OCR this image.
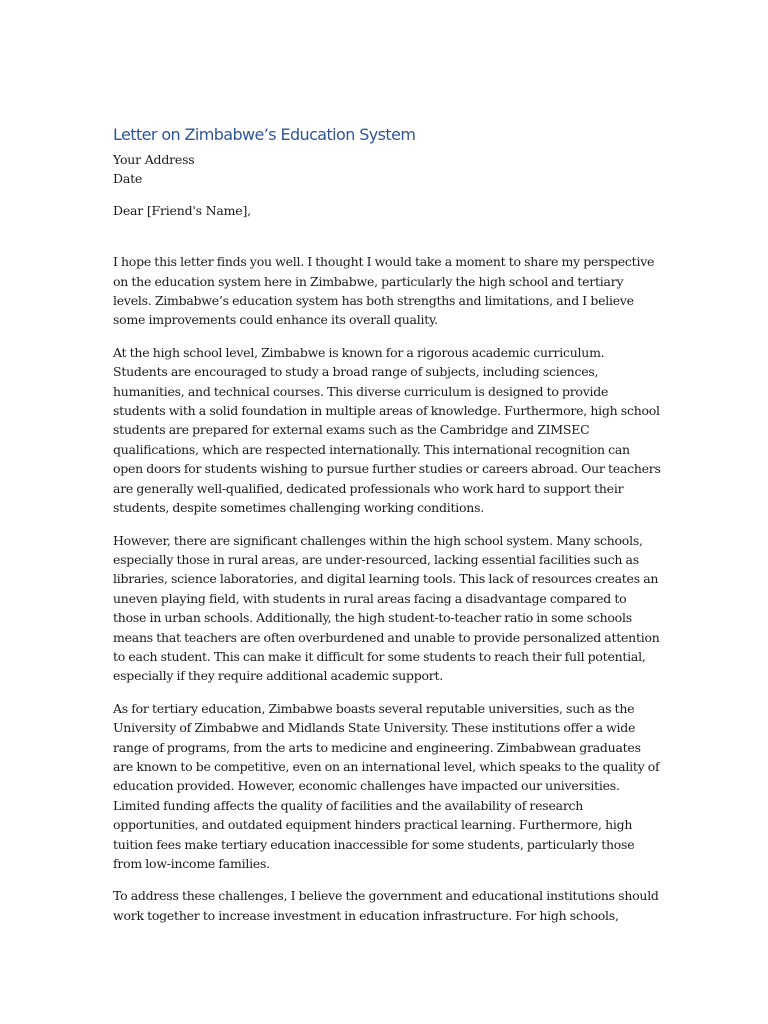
Letter on Zimbabwe’s Education System

Your Address

Date

Dear [Friend's Name],

I hope this letter finds you well. I thought I would take a moment to share my perspective on the education system here in Zimbabwe, particularly the high school and tertiary levels. Zimbabwe’s education system has both strengths and limitations, and I believe some improvements could enhance its overall quality.

At the high school level, Zimbabwe is known for a rigorous academic curriculum. Students are encouraged to study a broad range of subjects, including sciences, humanities, and technical courses. This diverse curriculum is designed to provide students with a solid foundation in multiple areas of knowledge. Furthermore, high school students are prepared for external exams such as the Cambridge and ZIMSEC qualifications, which are respected internationally. This international recognition can open doors for students wishing to pursue further studies or careers abroad. Our teachers are generally well-qualified, dedicated professionals who work hard to support their students, despite sometimes challenging working conditions.

However, there are significant challenges within the high school system. Many schools, especially those in rural areas, are under-resourced, lacking essential facilities such as libraries, science laboratories, and digital learning tools. This lack of resources creates an uneven playing field, with students in rural areas facing a disadvantage compared to those in urban schools. Additionally, the high student-to-teacher ratio in some schools means that teachers are often overburdened and unable to provide personalized attention to each student. This can make it difficult for some students to reach their full potential, especially if they require additional academic support.

As for tertiary education, Zimbabwe boasts several reputable universities, such as the University of Zimbabwe and Midlands State University. These institutions offer a wide range of programs, from the arts to medicine and engineering. Zimbabwean graduates are known to be competitive, even on an international level, which speaks to the quality of education provided. However, economic challenges have impacted our universities. Limited funding affects the quality of facilities and the availability of research opportunities, and outdated equipment hinders practical learning. Furthermore, high tuition fees make tertiary education inaccessible for some students, particularly those from low-income families.

To address these challenges, I believe the government and educational institutions should work together to increase investment in education infrastructure. For high schools,
